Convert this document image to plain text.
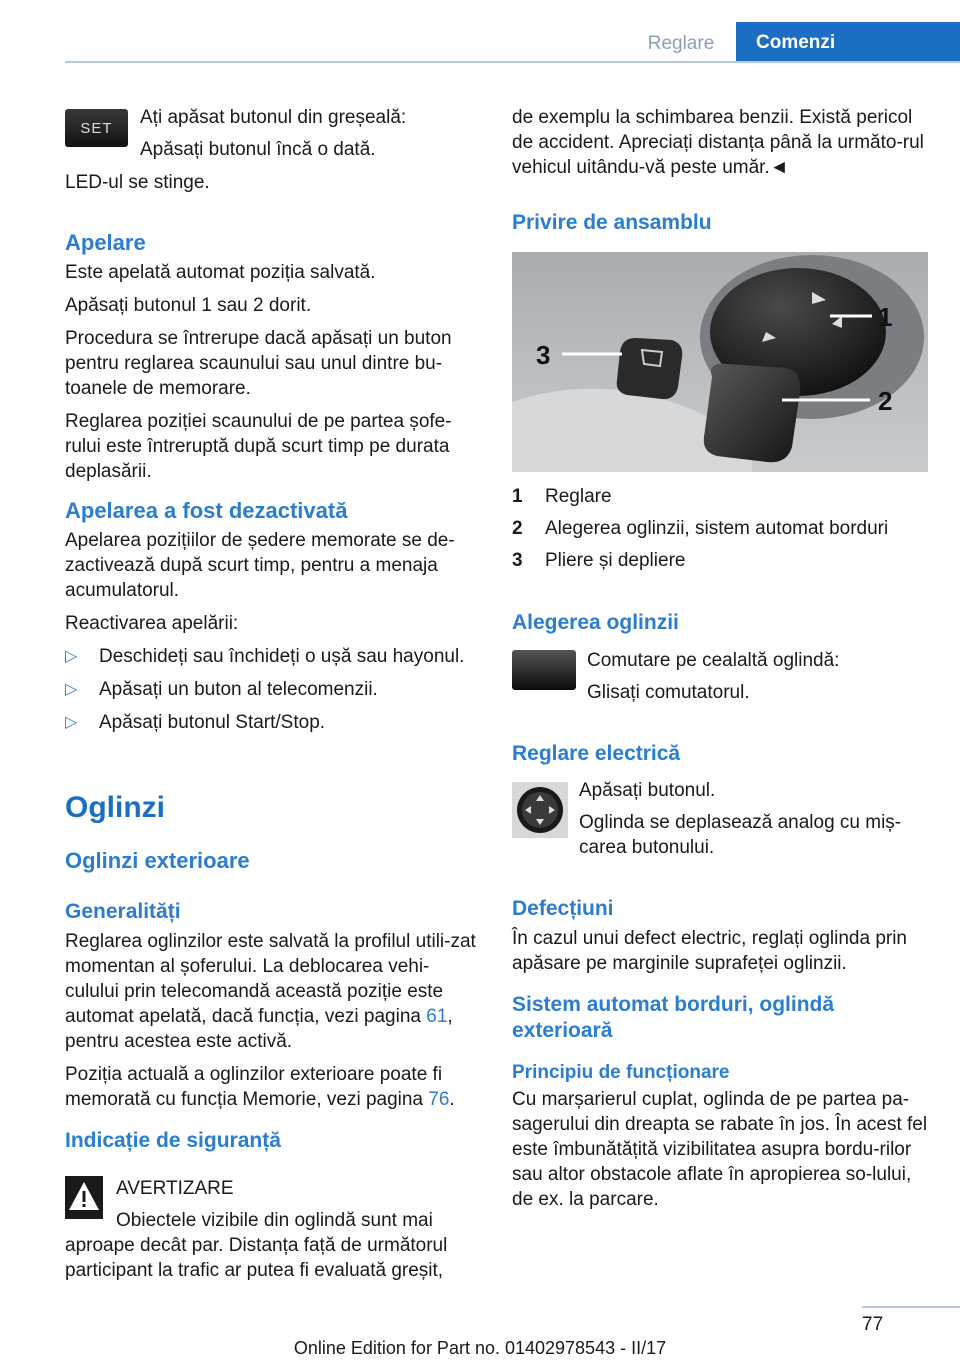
Reglare	Comenzi
SET Ați apăsat butonul din greșeală:
Apăsați butonul încă o dată.
LED-ul se stinge.
Apelare

Este apelată automat poziția salvată.

Apăsați butonul 1 sau 2 dorit.

Procedura se întrerupe dacă apăsați un buton pentru reglarea scaunului sau unul dintre bu‐toanele de memorare.

Reglarea poziției scaunului de pe partea șofe‐rului este întreruptă după scurt timp pe durata deplasării.

Apelarea a fost dezactivată

Apelarea pozițiilor de ședere memorate se de‐zactivează după scurt timp, pentru a menaja acumulatorul.

Reactivarea apelării:

▷	Deschideți sau închideți o ușă sau hayonul.
▷	Apăsați un buton al telecomenzii.
▷	Apăsați butonul Start/Stop.
Oglinzi
Oglinzi exterioare
Generalități

Reglarea oglinzilor este salvată la profilul utili‐zat momentan al șoferului. La deblocarea vehi‐culului prin telecomandă această poziție este automat apelată, dacă funcția, vezi pagina 61, pentru acestea este activă.

Poziția actuală a oglinzilor exterioare poate fi memorată cu funcția Memorie, vezi pagina 76.

Indicație de siguranță
AVERTIZARE
Obiectele vizibile din oglindă sunt mai aproape decât par. Distanța față de următorul participant la trafic ar putea fi evaluată greșit,
de exemplu la schimbarea benzii. Există pericol de accident. Apreciați distanța până la următo‐rul vehicul uitându-vă peste umăr.◄
Privire de ansamblu
1
2
3
1	Reglare
2	Alegerea oglinzii, sistem automat borduri
3	Pliere și depliere
Alegerea oglinzii
Comutare pe cealaltă oglindă:
Glisați comutatorul.
Reglare electrică
Apăsați butonul.
Oglinda se deplasează analog cu miș‐carea butonului.
Defecțiuni

În cazul unui defect electric, reglați oglinda prin apăsare pe marginile suprafeței oglinzii.

Sistem automat borduri, oglindă exterioară
Principiu de funcționare

Cu marșarierul cuplat, oglinda de pe partea pa‐sagerului din dreapta se rabate în jos. În acest fel este îmbunătățită vizibilitatea asupra bordu‐rilor sau altor obstacole aflate în apropierea so‐lului, de ex. la parcare.

77
Online Edition for Part no. 01402978543 - II/17
